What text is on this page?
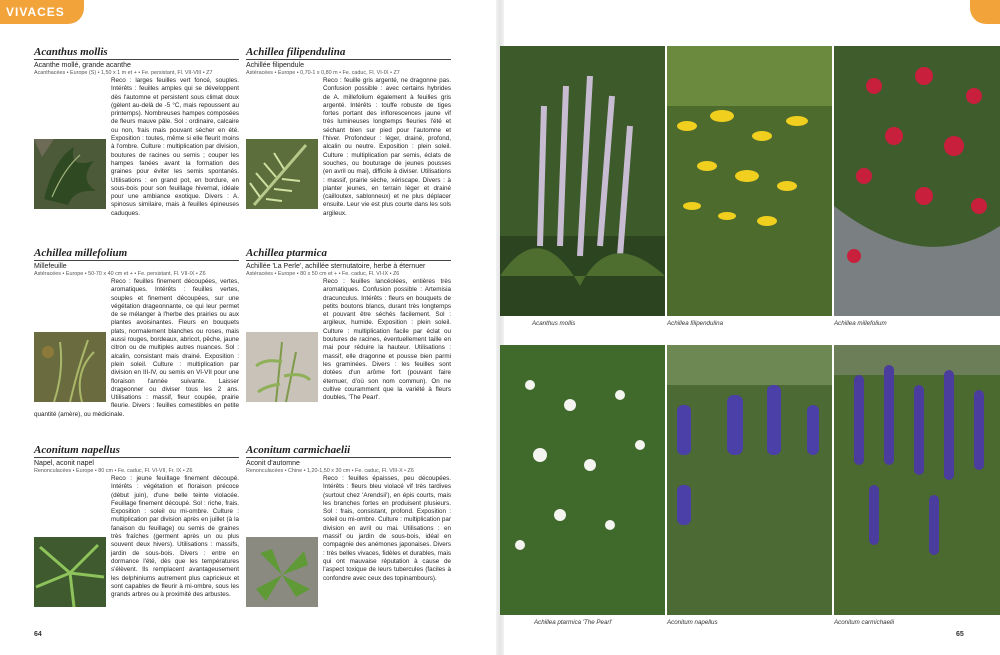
VIVACES
Acanthus mollis
Acanthe mollé, grande acanthe
Acanthacées • Europe (S) • 1,50 x 1 m et + • Fe. persistant, Fl. VII-VIII • Z7

Reco : larges feuilles vert foncé, souples. Intérêts : feuilles amples qui se développent dès l'automne et persistent sous climat doux (gèlent au-delà de -5 °C, mais repoussent au printemps). Nombreuses hampes composées de fleurs mauve pâle. Sol : ordinaire, calcaire ou non, frais mais pouvant sécher en été. Exposition : toutes, même si elle fleurit moins à l'ombre. Culture : multiplication par division, boutures de racines ou semis ; couper les hampes fanées avant la formation des graines pour éviter les semis spontanés. Utilisations : en grand pot, en bordure, en sous-bois pour son feuillage hivernal, idéale pour une ambiance exotique. Divers : A. spinosus similaire, mais à feuilles épineuses caduques.

Achillea filipendulina
Achillée filipendule
Astéracées • Europe • 0,70-1 x 0,80 m • Fe. caduc, Fl. VI-IX • Z7

Reco : feuille gris argenté, ne dragonne pas. Confusion possible : avec certains hybrides de A. millefolium également à feuilles gris argenté. Intérêts : touffe robuste de tiges fortes portant des inflorescences jaune vif très lumineuses longtemps fleuries l'été et séchant bien sur pied pour l'automne et l'hiver. Profondeur : léger, drainé, profond, alcalin ou neutre. Exposition : plein soleil. Culture : multiplication par semis, éclats de souches, ou bouturage de jeunes pousses (en avril ou mai), difficile à diviser. Utilisations : massif, prairie sèche, xériscape. Divers : à planter jeunes, en terrain léger et drainé (cailloutex, sablonneux) et ne plus déplacer ensuite. Leur vie est plus courte dans les sols argileux.

Achillea millefolium
Millefeuille
Astéracées • Europe • 50-70 x 40 cm et + • Fe. persistant, Fl. VII-IX • Z6

Reco : feuilles finement découpées, vertes, aromatiques. Intérêts : feuilles vertes, souples et finement découpées, sur une végétation drageonnante, ce qui leur permet de se mélanger à l'herbe des prairies ou aux plantes avoisinantes. Fleurs en bouquets plats, normalement blanches ou roses, mais aussi rouges, bordeaux, abricot, pêche, jaune citron ou de multiples autres nuances. Sol : alcalin, consistant mais drainé. Exposition : plein soleil. Culture : multiplication par division en III-IV, ou semis en VI-VII pour une floraison l'année suivante. Laisser drageonner ou diviser tous les 2 ans. Utilisations : massif, fleur coupée, prairie fleurie. Divers : feuilles comestibles en petite quantité (amère), ou médicinale.

Achillea ptarmica
Achillée 'La Perle', achillée sternutatoire, herbe à éternuer
Astéracées • Europe • 80 x 50 cm et + • Fe. caduc, Fl. VI-IX • Z6

Reco : feuilles lancéolées, entières très aromatiques. Confusion possible : Artemisia dracunculus. Intérêts : fleurs en bouquets de petits boutons blancs, durant très longtemps et pouvant être séchés facilement. Sol : argileux, humide. Exposition : plein soleil. Culture : multiplication facile par éclat ou boutures de racines, éventuellement taille en mai pour réduire la hauteur. Utilisations : massif, elle dragonne et pousse bien parmi les graminées. Divers : les feuilles sont dotées d'un arôme fort (pouvant faire éternuer, d'où son nom commun). On ne cultive couramment que la variété à fleurs doubles, 'The Pearl'.

Aconitum napellus
Napel, aconit napel
Renonculacées • Europe • 80 cm • Fe. caduc, Fl. VI-VII, Fr. IX • Z6

Reco : jeune feuillage finement découpé. Intérêts : végétation et floraison précoce (début juin), d'une belle teinte violacée. Feuillage finement découpé. Sol : riche, frais. Exposition : soleil ou mi-ombre. Culture : multiplication par division après en juillet (à la fanaison du feuillage) ou semis de graines très fraîches (germent après un ou plus souvent deux hivers). Utilisations : massifs, jardin de sous-bois. Divers : entre en dormance l'été, dès que les températures s'élèvent. Ils remplacent avantageusement les delphiniums autrement plus capricieux et sont capables de fleurir à mi-ombre, sous les grands arbres ou à proximité des arbustes.

Aconitum carmichaelii
Aconit d'automne
Renonculacées • Chine • 1,20-1,50 x 30 cm • Fe. caduc, Fl. VIII-X • Z6

Reco : feuilles épaisses, peu découpées. Intérêts : fleurs bleu violacé vif très tardives (surtout chez 'Arendsii'), en épis courts, mais les branches fortes en produisent plusieurs. Sol : frais, consistant, profond. Exposition : soleil ou mi-ombre. Culture : multiplication par division en avril ou mai. Utilisations : en massif ou jardin de sous-bois, idéal en compagnie des anémones japonaises. Divers : très belles vivaces, fidèles et durables, mais qui ont mauvaise réputation à cause de l'aspect toxique de leurs tubercules (faciles à confondre avec ceux des topinambours).

64
Acanthus mollis	Achillea filipendulina	Achillea millefolium
Achillea ptarmica 'The Pearl'	Aconitum napellus	Aconitum carmichaelii
65
